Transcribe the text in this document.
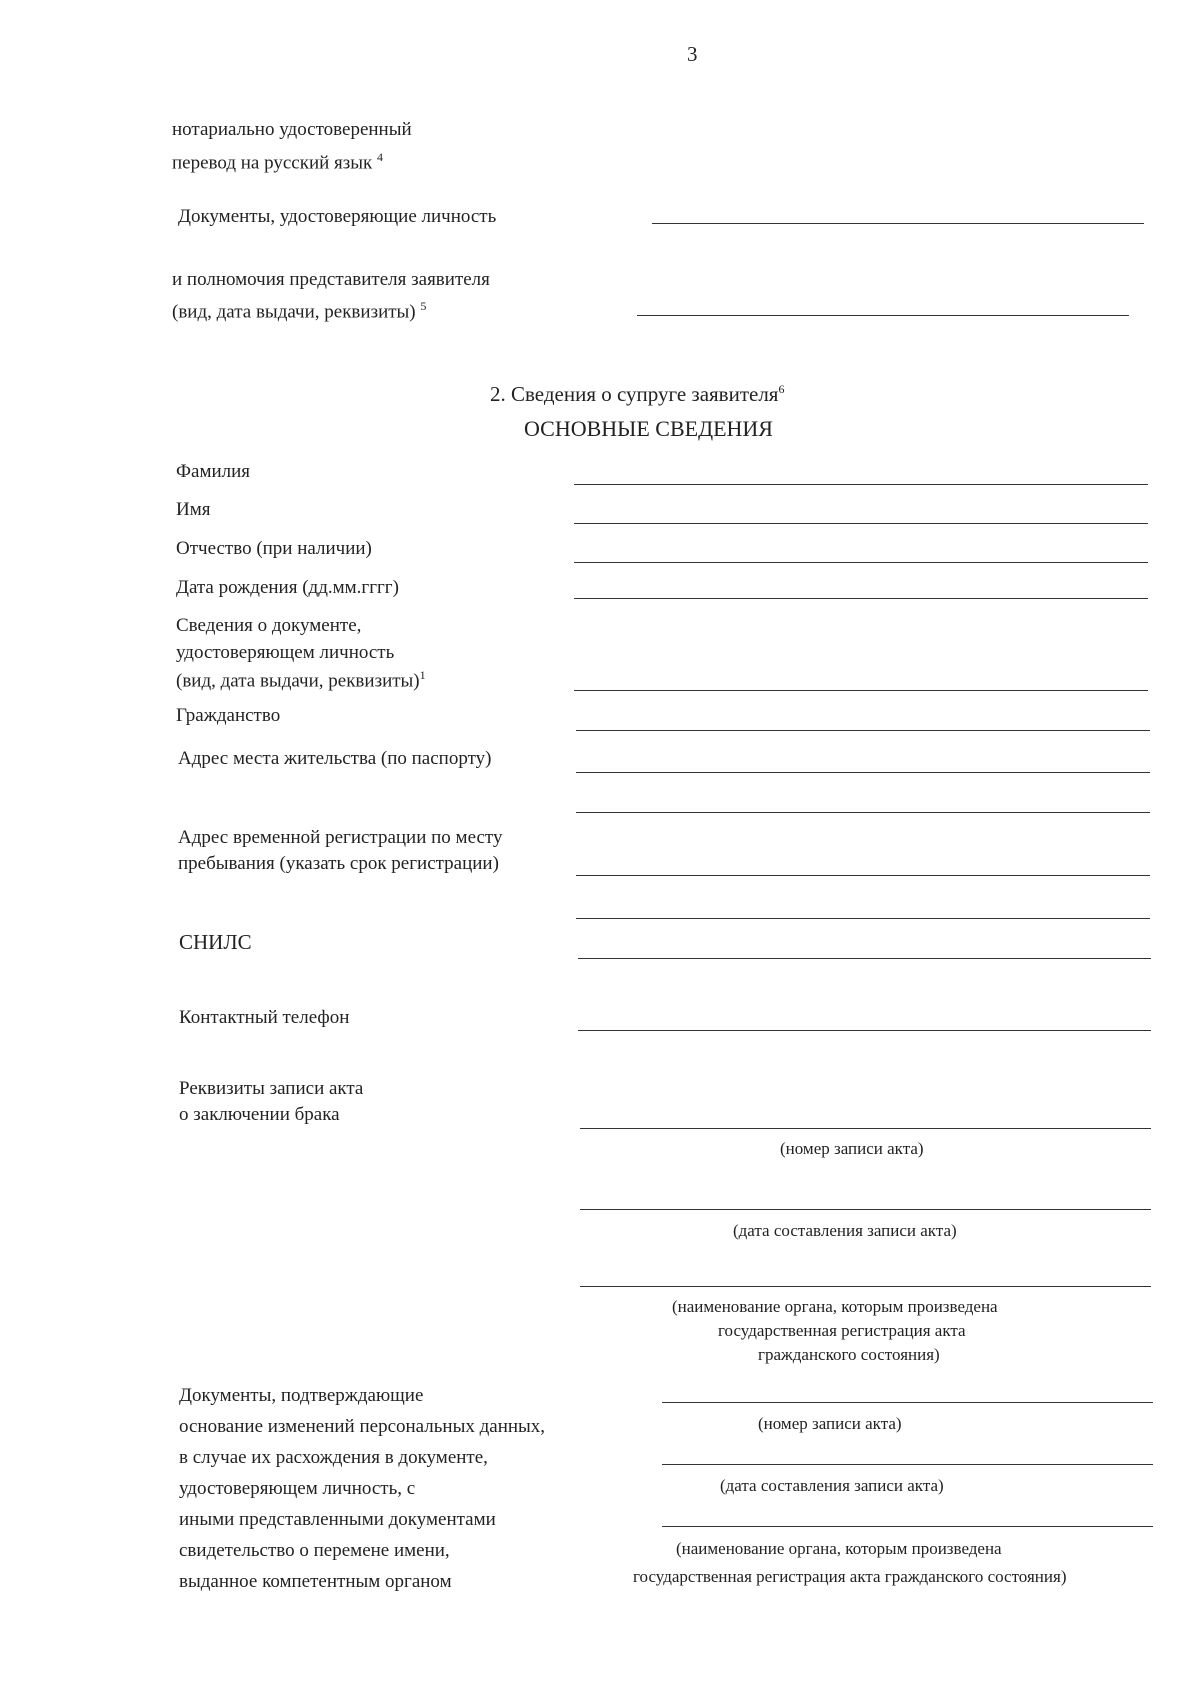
3
нотариально удостоверенный
перевод на русский язык $^4$
Документы, удостоверяющие личность
и полномочия представителя заявителя
(вид, дата выдачи, реквизиты) $^5$
2. Сведения о супруге заявителя$^6$
ОСНОВНЫЕ СВЕДЕНИЯ
Фамилия
Имя
Отчество (при наличии)
Дата рождения (дд.мм.гггг)
Сведения о документе,
удостоверяющем личность
(вид, дата выдачи, реквизиты)$^1$
Гражданство
Адрес места жительства (по паспорту)
Адрес временной регистрации по месту
пребывания (указать срок регистрации)
СНИЛС
Контактный телефон
Реквизиты записи акта
о заключении брака
(номер записи акта)
(дата составления записи акта)
(наименование органа, которым произведена
государственная регистрация акта
гражданского состояния)
Документы, подтверждающие
основание изменений персональных данных,
в случае их расхождения в документе,
удостоверяющем личность, с
иными представленными документами
свидетельство о перемене имени,
выданное компетентным органом
(номер записи акта)
(дата составления записи акта)
(наименование органа, которым произведена
государственная регистрация акта гражданского состояния)
